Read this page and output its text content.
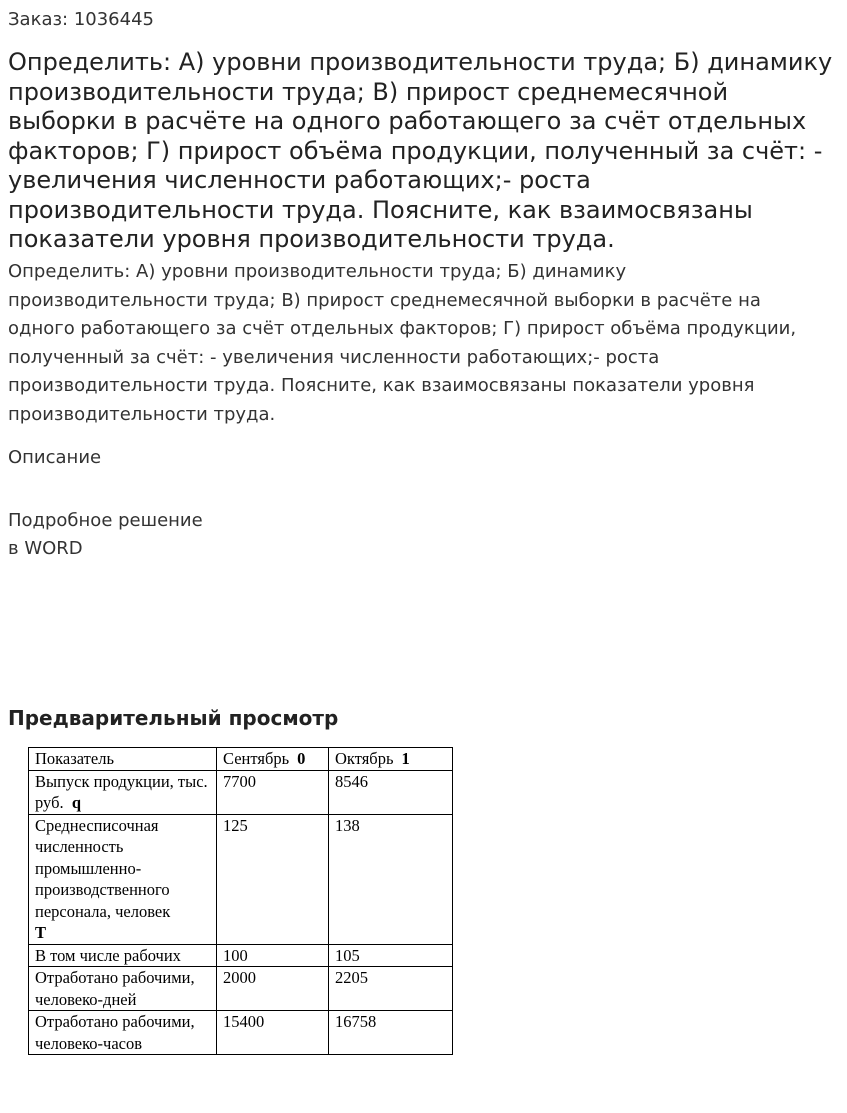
Заказ: 1036445
Определить: А) уровни производительности труда; Б) динамику производительности труда; В) прирост среднемесячной выборки в расчёте на одного работающего за счёт отдельных факторов; Г) прирост объёма продукции, полученный за счёт: - увеличения численности работающих;- роста производительности труда. Поясните, как взаимосвязаны показатели уровня производительности труда.

Определить: А) уровни производительности труда; Б) динамику производительности труда; В) прирост среднемесячной выборки в расчёте на одного работающего за счёт отдельных факторов; Г) прирост объёма продукции, полученный за счёт: - увеличения численности работающих;- роста производительности труда. Поясните, как взаимосвязаны показатели уровня производительности труда.

Описание
Подробное решение
в WORD
Предварительный просмотр
Показатель	Сентябрь 0	Октябрь 1
Выпуск продукции, тыс. руб. q	7700	8546
Среднесписочная численность промышленно-производственного персонала, человек
Т	125	138
В том числе рабочих	100	105
Отработано рабочими, человеко-дней	2000	2205
Отработано рабочими, человеко-часов	15400	16758
